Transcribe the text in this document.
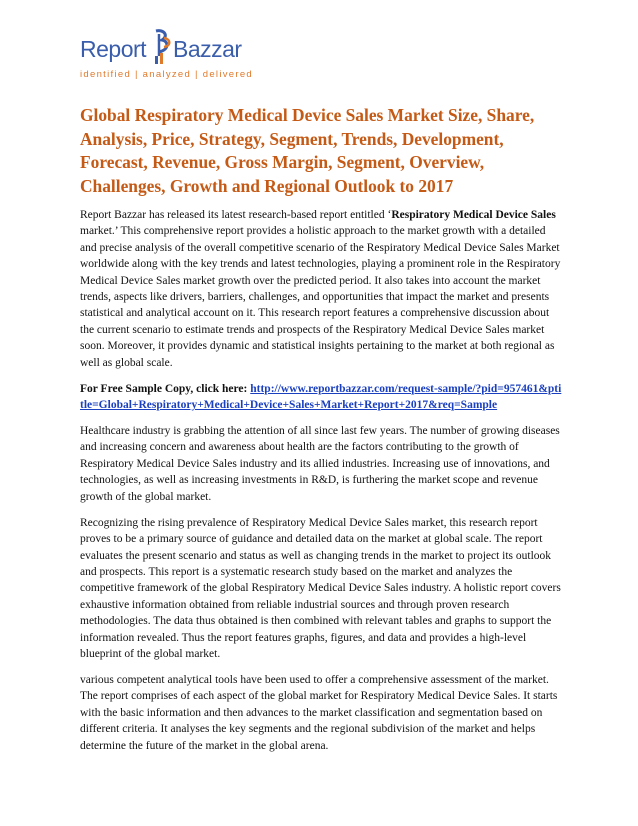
Report Bazzar
identified | analyzed | delivered
Global Respiratory Medical Device Sales Market Size, Share, Analysis, Price, Strategy, Segment, Trends, Development, Forecast, Revenue, Gross Margin, Segment, Overview, Challenges, Growth and Regional Outlook to 2017

Report Bazzar has released its latest research-based report entitled ‘Respiratory Medical Device Sales market.’ This comprehensive report provides a holistic approach to the market growth with a detailed and precise analysis of the overall competitive scenario of the Respiratory Medical Device Sales Market worldwide along with the key trends and latest technologies, playing a prominent role in the Respiratory Medical Device Sales market growth over the predicted period. It also takes into account the market trends, aspects like drivers, barriers, challenges, and opportunities that impact the market and presents statistical and analytical account on it. This research report features a comprehensive discussion about the current scenario to estimate trends and prospects of the Respiratory Medical Device Sales market soon. Moreover, it provides dynamic and statistical insights pertaining to the market at both regional as well as global scale.

For Free Sample Copy, click here: http://www.reportbazzar.com/request-sample/?pid=957461&ptitle=Global+Respiratory+Medical+Device+Sales+Market+Report+2017&req=Sample

Healthcare industry is grabbing the attention of all since last few years. The number of growing diseases and increasing concern and awareness about health are the factors contributing to the growth of Respiratory Medical Device Sales industry and its allied industries. Increasing use of innovations, and technologies, as well as increasing investments in R&D, is furthering the market scope and revenue growth of the global market.

Recognizing the rising prevalence of Respiratory Medical Device Sales market, this research report proves to be a primary source of guidance and detailed data on the market at global scale. The report evaluates the present scenario and status as well as changing trends in the market to project its outlook and prospects. This report is a systematic research study based on the market and analyzes the competitive framework of the global Respiratory Medical Device Sales industry. A holistic report covers exhaustive information obtained from reliable industrial sources and through proven research methodologies. The data thus obtained is then combined with relevant tables and graphs to support the information revealed. Thus the report features graphs, figures, and data and provides a high-level blueprint of the global market.

various competent analytical tools have been used to offer a comprehensive assessment of the market. The report comprises of each aspect of the global market for Respiratory Medical Device Sales. It starts with the basic information and then advances to the market classification and segmentation based on different criteria. It analyses the key segments and the regional subdivision of the market and helps determine the future of the market in the global arena.
